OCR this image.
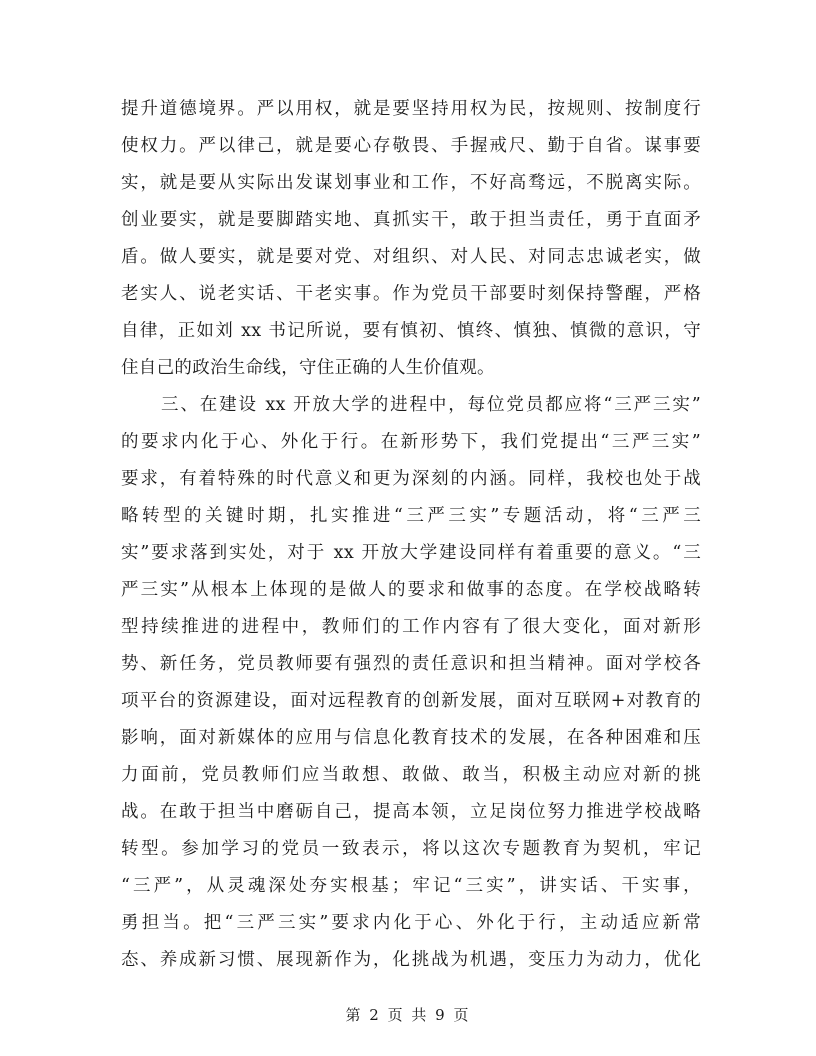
提升道德境界。严以用权，就是要坚持用权为民，按规则、按制度行
使权力。严以律己，就是要心存敬畏、手握戒尺、勤于自省。谋事要
实，就是要从实际出发谋划事业和工作，不好高骛远，不脱离实际。
创业要实，就是要脚踏实地、真抓实干，敢于担当责任，勇于直面矛
盾。做人要实，就是要对党、对组织、对人民、对同志忠诚老实，做
老实人、说老实话、干老实事。作为党员干部要时刻保持警醒，严格
自律，正如刘 xx 书记所说，要有慎初、慎终、慎独、慎微的意识，守
住自己的政治生命线，守住正确的人生价值观。
三、在建设 xx 开放大学的进程中，每位党员都应将“三严三实”
的要求内化于心、外化于行。在新形势下，我们党提出“三严三实”
要求，有着特殊的时代意义和更为深刻的内涵。同样，我校也处于战
略转型的关键时期，扎实推进“三严三实”专题活动，将“三严三
实”要求落到实处，对于 xx 开放大学建设同样有着重要的意义。“三
严三实”从根本上体现的是做人的要求和做事的态度。在学校战略转
型持续推进的进程中，教师们的工作内容有了很大变化，面对新形
势、新任务，党员教师要有强烈的责任意识和担当精神。面对学校各
项平台的资源建设，面对远程教育的创新发展，面对互联网+对教育的
影响，面对新媒体的应用与信息化教育技术的发展，在各种困难和压
力面前，党员教师们应当敢想、敢做、敢当，积极主动应对新的挑
战。在敢于担当中磨砺自己，提高本领，立足岗位努力推进学校战略
转型。参加学习的党员一致表示，将以这次专题教育为契机，牢记
“三严”，从灵魂深处夯实根基；牢记“三实”，讲实话、干实事，
勇担当。把“三严三实”要求内化于心、外化于行，主动适应新常
态、养成新习惯、展现新作为，化挑战为机遇，变压力为动力，优化
第 2 页 共 9 页
